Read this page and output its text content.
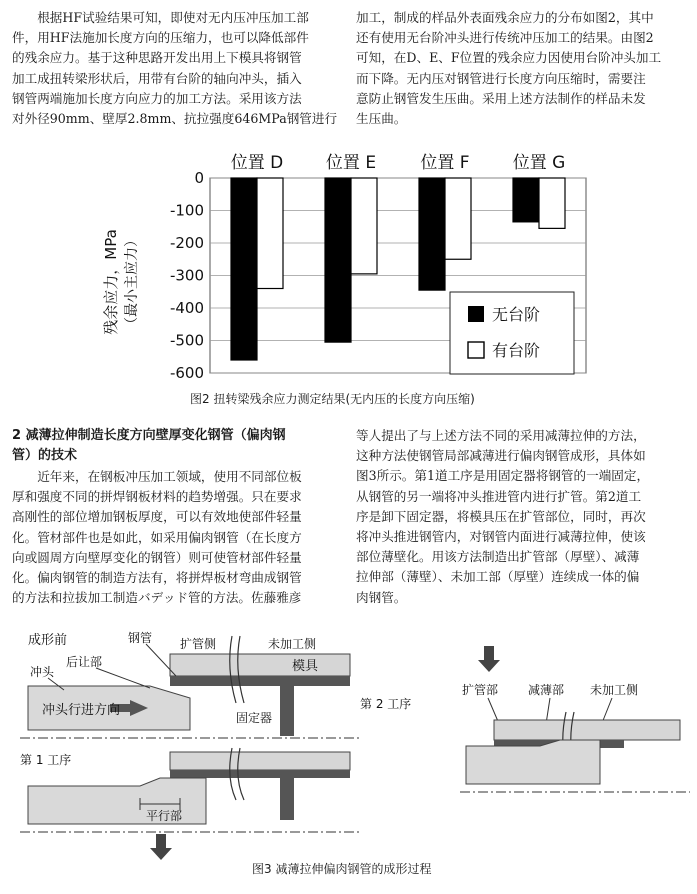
根据HF试验结果可知，即使对无内压冲压加工部
件，用HF法施加长度方向的压缩力，也可以降低部件
的残余应力。基于这种思路开发出用上下模具将钢管
加工成扭转梁形状后，用带有台阶的轴向冲头，插入
钢管两端施加长度方向应力的加工方法。采用该方法
对外径90mm、壁厚2.8mm、抗拉强度646MPa钢管进行
加工，制成的样品外表面残余应力的分布如图2，其中
还有使用无台阶冲头进行传统冲压加工的结果。由图2
可知，在D、E、F位置的残余应力因使用台阶冲头加工
而下降。无内压对钢管进行长度方向压缩时，需要注
意防止钢管发生压曲。采用上述方法制作的样品未发
生压曲。
0
-100
-200
-300
-400
-500
-600
位置 D	位置 E	位置 F	位置 G
残余应力，MPa （最小主应力）	无台阶
有台阶
图2 扭转梁残余应力测定结果(无内压的长度方向压缩)
2 减薄拉伸制造长度方向壁厚变化钢管（偏肉钢
管）的技术
近年来，在钢板冲压加工领域，使用不同部位板
厚和强度不同的拼焊钢板材料的趋势增强。只在要求
高刚性的部位增加钢板厚度，可以有效地使部件轻量
化。管材部件也是如此，如采用偏肉钢管（在长度方
向或圆周方向壁厚变化的钢管）则可使管材部件轻量
化。偏肉钢管的制造方法有，将拼焊板材弯曲成钢管
的方法和拉拔加工制造バデッド管的方法。佐藤雅彦
等人提出了与上述方法不同的采用减薄拉伸的方法，
这种方法使钢管局部减薄进行偏肉钢管成形，具体如
图3所示。第1道工序是用固定器将钢管的一端固定，
从钢管的另一端将冲头推进管内进行扩管。第2道工
序是卸下固定器，将模具压在扩管部位，同时，再次
将冲头推进钢管内，对钢管内面进行减薄拉伸，使该
部位薄壁化。用该方法制造出扩管部（厚壁）、减薄
拉伸部（薄壁）、未加工部（厚壁）连续成一体的偏
肉钢管。
成形前
模具
固定器
冲头行进方向
冲头
后让部
钢管 扩管侧	未加工侧
第 1 工序
平行部
第 2 工序
扩管部 减薄部 未加工侧
图3 减薄拉伸偏肉钢管的成形过程
